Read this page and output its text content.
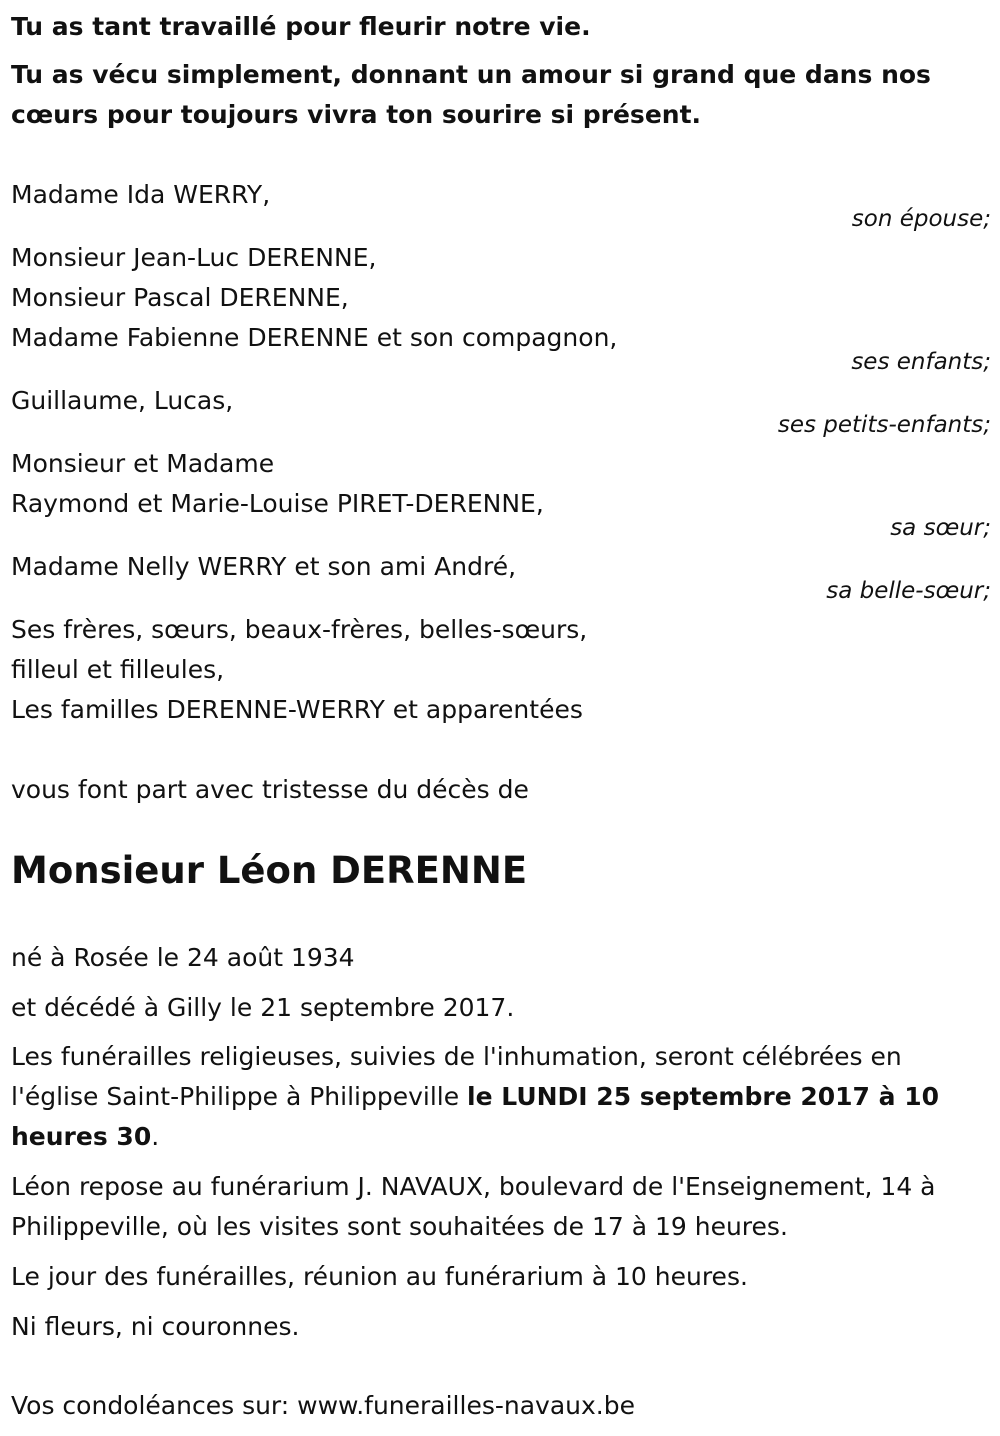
Tu as tant travaillé pour fleurir notre vie.
Tu as vécu simplement, donnant un amour si grand que dans nos
cœurs pour toujours vivra ton sourire si présent.
Madame Ida WERRY,
son épouse;
Monsieur Jean-Luc DERENNE,
Monsieur Pascal DERENNE,
Madame Fabienne DERENNE et son compagnon,
ses enfants;
Guillaume, Lucas,
ses petits-enfants;
Monsieur et Madame
Raymond et Marie-Louise PIRET-DERENNE,
sa sœur;
Madame Nelly WERRY et son ami André,
sa belle-sœur;
Ses frères, sœurs, beaux-frères, belles-sœurs,
filleul et filleules,
Les familles DERENNE-WERRY et apparentées
vous font part avec tristesse du décès de
Monsieur Léon DERENNE
né à Rosée le 24 août 1934
et décédé à Gilly le 21 septembre 2017.
Les funérailles religieuses, suivies de l'inhumation, seront célébrées en l'église Saint-Philippe à Philippeville le LUNDI 25 septembre 2017 à 10 heures 30.
Léon repose au funérarium J. NAVAUX, boulevard de l'Enseignement, 14 à Philippeville, où les visites sont souhaitées de 17 à 19 heures.
Le jour des funérailles, réunion au funérarium à 10 heures.
Ni fleurs, ni couronnes.
Vos condoléances sur: www.funerailles-navaux.be
